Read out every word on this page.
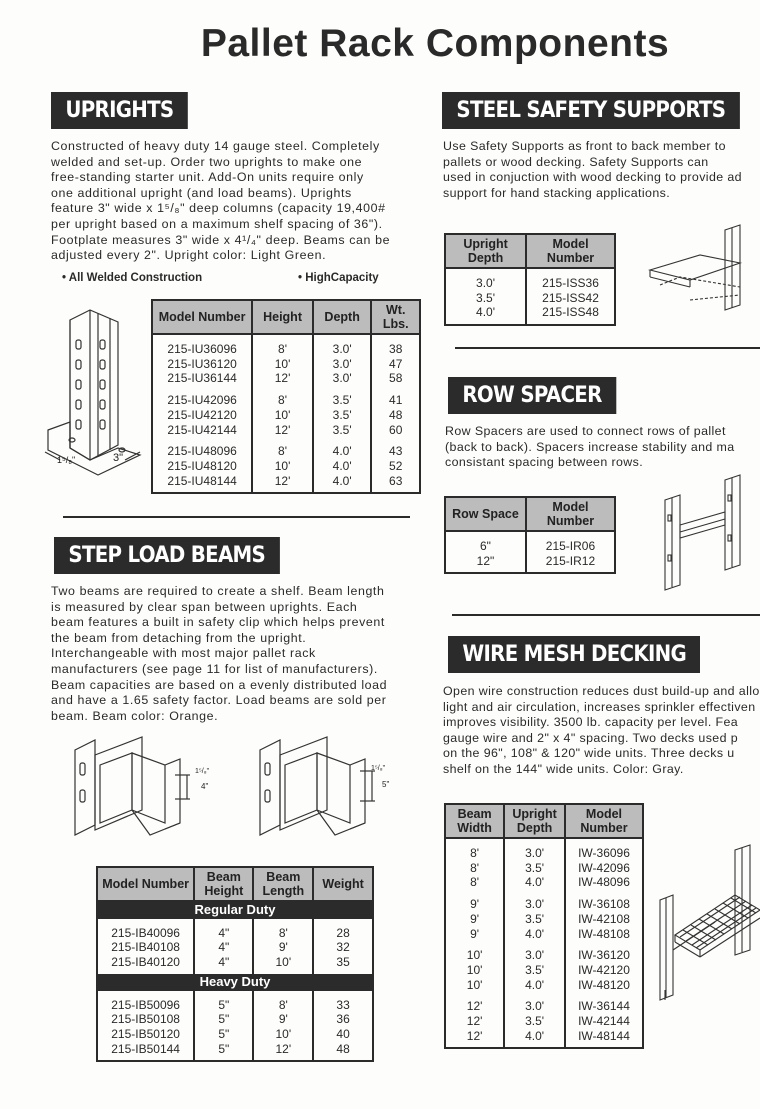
Pallet Rack Components
UPRIGHTS
Constructed of heavy duty 14 gauge steel. Completely
welded and set-up. Order two uprights to make one
free-standing starter unit. Add-On units require only
one additional upright (and load beams). Uprights
feature 3" wide x 1⁵/₈" deep columns (capacity 19,400#
per upright based on a maximum shelf spacing of 36").
Footplate measures 3" wide x 4¹/₄" deep. Beams can be
adjusted every 2". Upright color: Light Green.
• All Welded Construction	• HighCapacity
1⁵/₈"	3"
Model Number	Height	Depth	Wt. Lbs.
215-IU36096	8'	3.0'	38
215-IU36120	10'	3.0'	47
215-IU36144	12'	3.0'	58
215-IU42096	8'	3.5'	41
215-IU42120	10'	3.5'	48
215-IU42144	12'	3.5'	60
215-IU48096	8'	4.0'	43
215-IU48120	10'	4.0'	52
215-IU48144	12'	4.0'	63
STEP LOAD BEAMS
Two beams are required to create a shelf. Beam length
is measured by clear span between uprights. Each
beam features a built in safety clip which helps prevent
the beam from detaching from the upright.
Interchangeable with most major pallet rack
manufacturers (see page 11 for list of manufacturers).
Beam capacities are based on a evenly distributed load
and have a 1.65 safety factor. Load beams are sold per
beam. Beam color: Orange.
1⁵/₈"
4"
1⁵/₈"
5"
Model Number	Beam Height	Beam Length	Weight
Regular Duty			
215-IB40096	4"	8'	28
215-IB40108	4"	9'	32
215-IB40120	4"	10'	35
Heavy Duty			
215-IB50096	5"	8'	33
215-IB50108	5"	9'	36
215-IB50120	5"	10'	40
215-IB50144	5"	12'	48
STEEL SAFETY SUPPORTS
Use Safety Supports as front to back member to
pallets or wood decking. Safety Supports can
used in conjuction with wood decking to provide ad
support for hand stacking applications.
Upright Depth	Model Number
3.0'	215-ISS36
3.5'	215-ISS42
4.0'	215-ISS48
ROW SPACER
Row Spacers are used to connect rows of pallet
(back to back). Spacers increase stability and ma
consistant spacing between rows.
Row Space	Model Number
6"	215-IR06
12"	215-IR12
WIRE MESH DECKING
Open wire construction reduces dust build-up and allo
light and air circulation, increases sprinkler effectiven
improves visibility. 3500 lb. capacity per level. Fea
gauge wire and 2" x 4" spacing. Two decks used p
on the 96", 108" & 120" wide units. Three decks u
shelf on the 144" wide units. Color: Gray.
Beam Width	Upright Depth	Model Number
8'	3.0'	IW-36096
8'	3.5'	IW-42096
8'	4.0'	IW-48096
9'	3.0'	IW-36108
9'	3.5'	IW-42108
9'	4.0'	IW-48108
10'	3.0'	IW-36120
10'	3.5'	IW-42120
10'	4.0'	IW-48120
12'	3.0'	IW-36144
12'	3.5'	IW-42144
12'	4.0'	IW-48144
